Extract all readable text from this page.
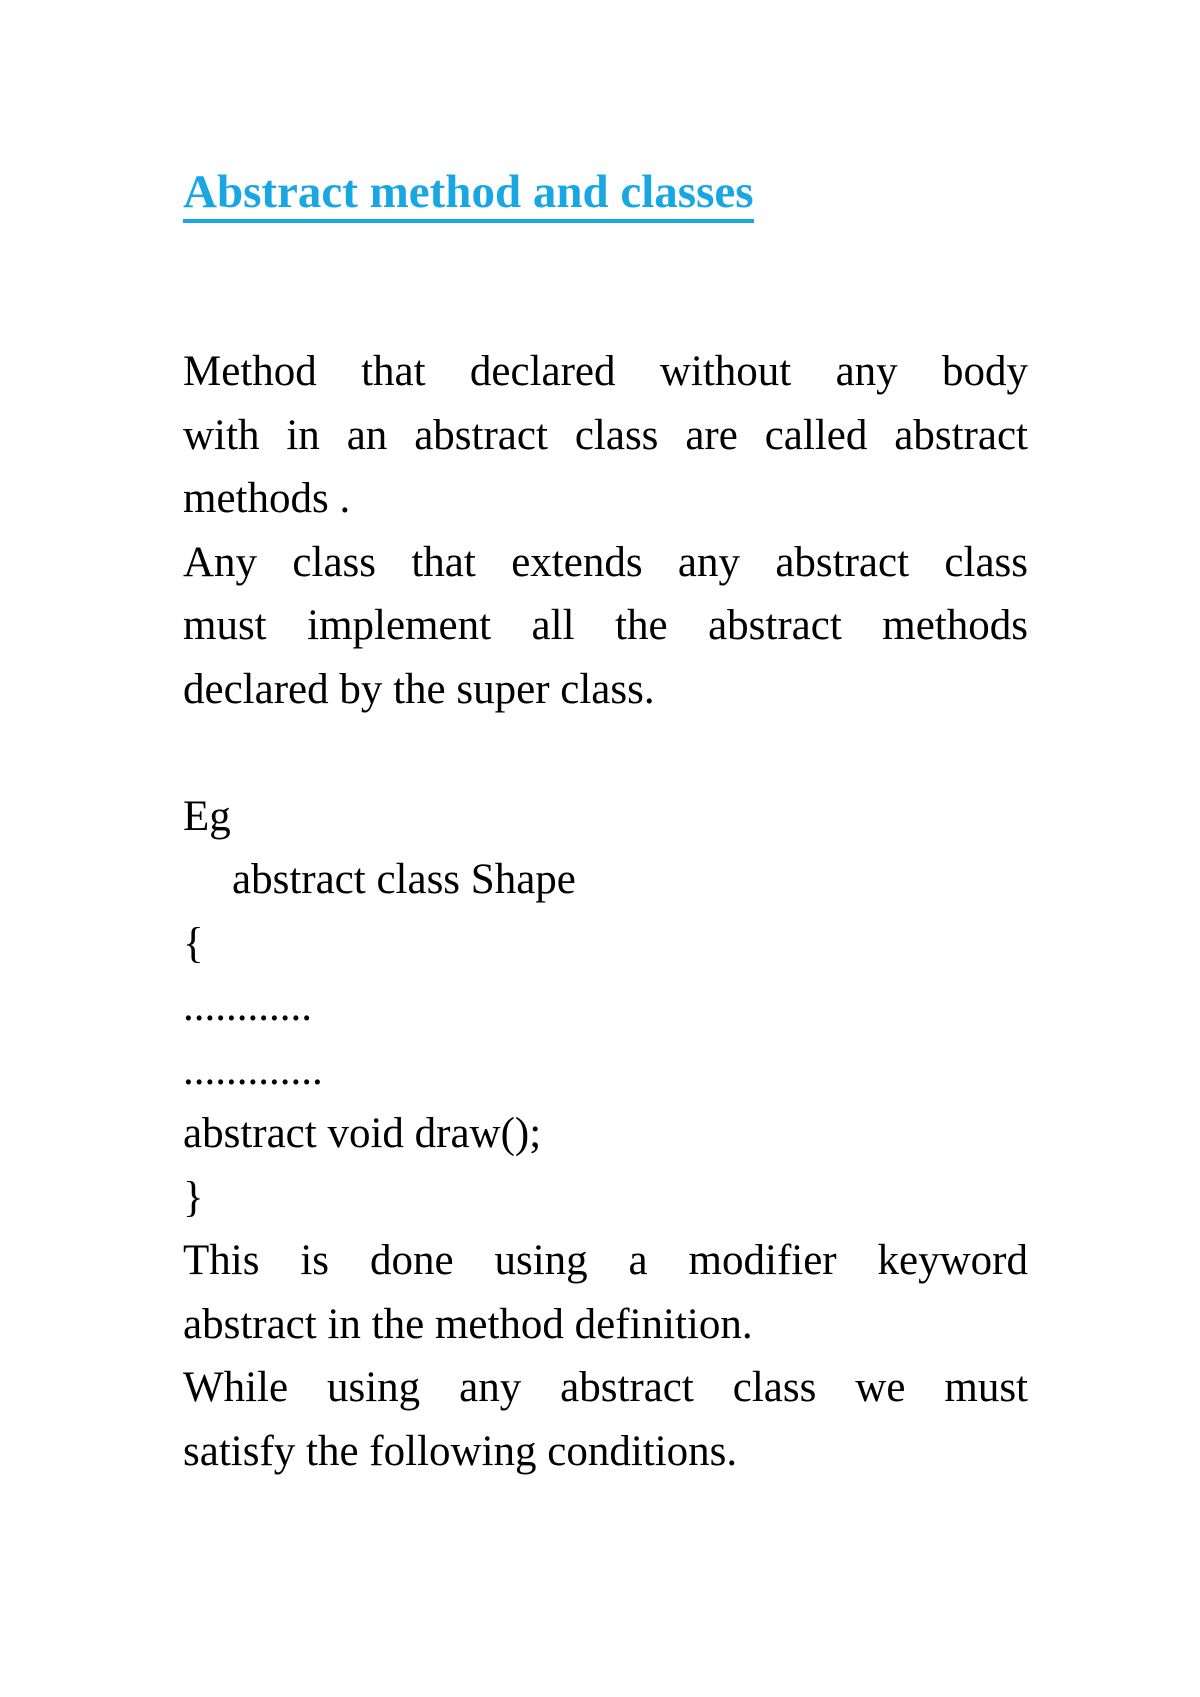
Abstract method and classes
Method that declared without any body
with in an abstract class are called abstract
methods .
Any class that extends any abstract class
must implement all the abstract methods
declared by the super class.
Eg
abstract class Shape
{
............
.............
abstract void draw();
}
This is done using a modifier keyword
abstract in the method definition.
While using any abstract class we must
satisfy the following conditions.
